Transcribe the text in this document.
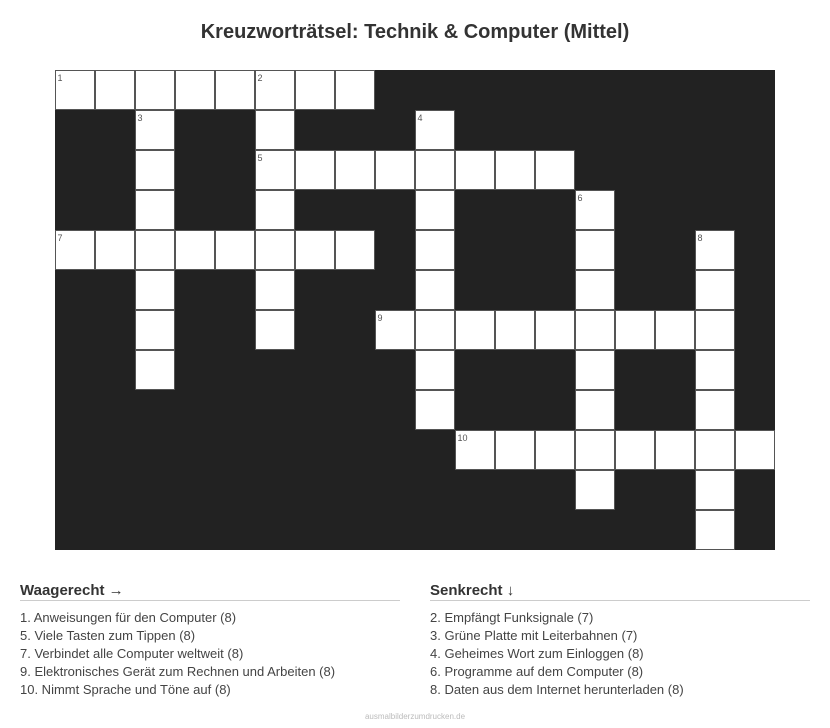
Kreuzworträtsel: Technik & Computer (Mittel)
1	2
5
3	4
6
7	8
9
10
Waagerecht →
1. Anweisungen für den Computer (8)
5. Viele Tasten zum Tippen (8)
7. Verbindet alle Computer weltweit (8)
9. Elektronisches Gerät zum Rechnen und Arbeiten (8)
10. Nimmt Sprache und Töne auf (8)
Senkrecht ↓
2. Empfängt Funksignale (7)
3. Grüne Platte mit Leiterbahnen (7)
4. Geheimes Wort zum Einloggen (8)
6. Programme auf dem Computer (8)
8. Daten aus dem Internet herunterladen (8)
ausmalbilderzumdrucken.de
